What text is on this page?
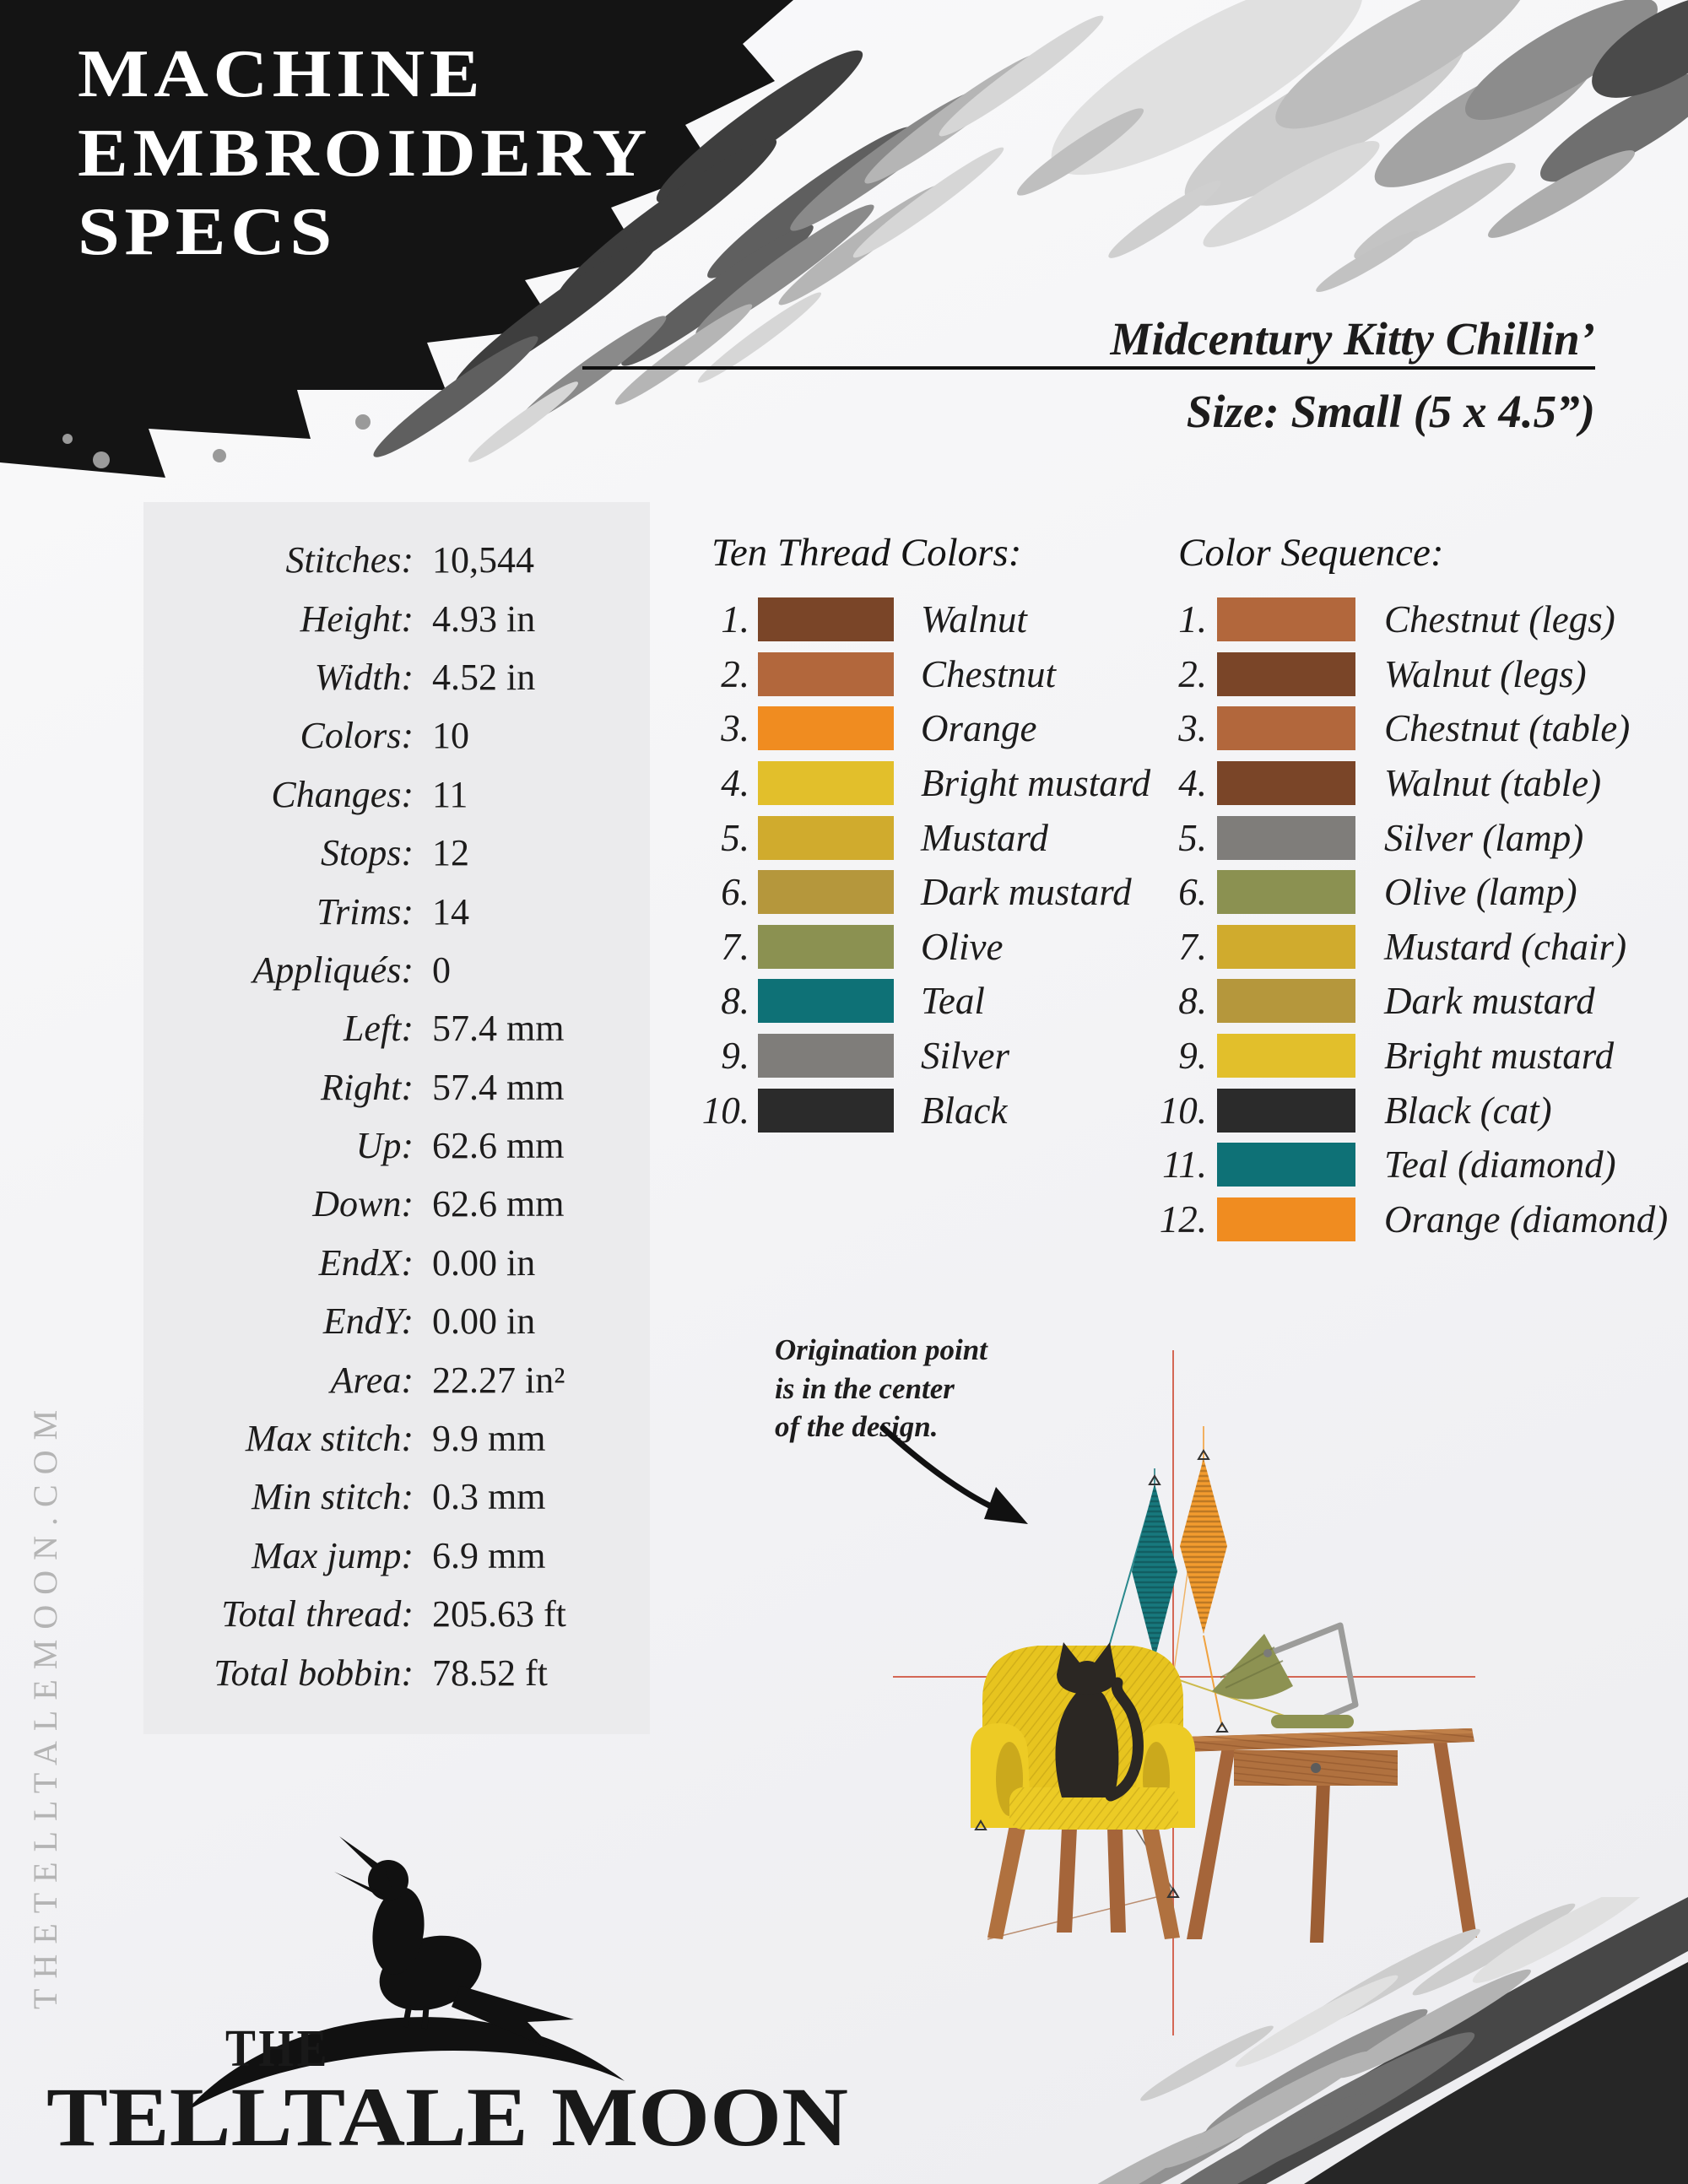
MACHINE
EMBROIDERY
SPECS
Midcentury Kitty Chillin’
Size: Small (5 x 4.5”)
Stitches: 10,544
Height: 4.93 in
Width: 4.52 in
Colors: 10
Changes: 11
Stops: 12
Trims: 14
Appliqués: 0
Left: 57.4 mm
Right: 57.4 mm
Up: 62.6 mm
Down: 62.6 mm
EndX: 0.00 in
EndY: 0.00 in
Area: 22.27 in²
Max stitch: 9.9 mm
Min stitch: 0.3 mm
Max jump: 6.9 mm
Total thread: 205.63 ft
Total bobbin: 78.52 ft
Ten Thread Colors:
1.	Walnut
2.	Chestnut
3.	Orange
4.	Bright mustard
5.	Mustard
6.	Dark mustard
7.	Olive
8.	Teal
9.	Silver
10.	Black
Color Sequence:
1.	Chestnut (legs)
2.	Walnut (legs)
3.	Chestnut (table)
4.	Walnut (table)
5.	Silver (lamp)
6.	Olive (lamp)
7.	Mustard (chair)
8.	Dark mustard
9.	Bright mustard
10.	Black (cat)
11.	Teal (diamond)
12.	Orange (diamond)
Origination point
is in the center
of the design.
THETELLTALEMOON.COM
THE
TELLTALE MOON
